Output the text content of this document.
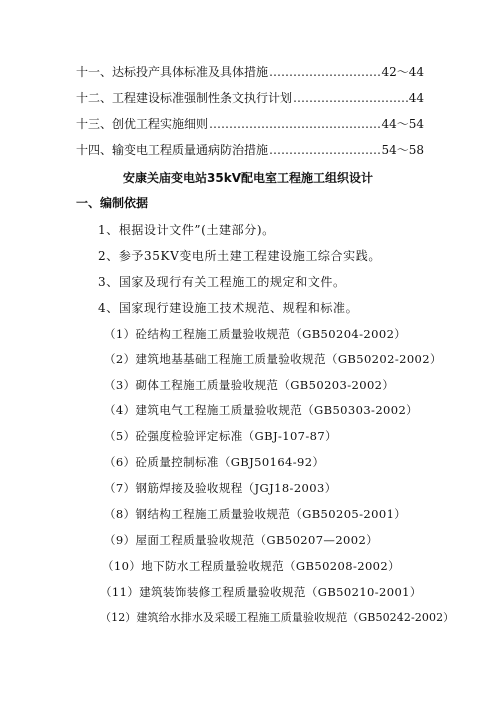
十一、达标投产具体标准及具体措施 ……………………………………………………………………………………………………	42～44
十二、工程建设标准强制性条文执行计划 ……………………………………………………………………………………………………	44
十三、创优工程实施细则 ……………………………………………………………………………………………………	44～54
十四、输变电工程质量通病防治措施 ……………………………………………………………………………………………………	54～58
安康关庙变电站35kV配电室工程施工组织设计
一、编制依据
1、根据设计文件”(土建部分)。
2、参予35KV变电所土建工程建设施工综合实践。
3、国家及现行有关工程施工的规定和文件。
4、国家现行建设施工技术规范、规程和标准。
（1）砼结构工程施工质量验收规范（GB50204-2002）
（2）建筑地基基础工程施工质量验收规范（GB50202-2002）
（3）砌体工程施工质量验收规范（GB50203-2002）
（4）建筑电气工程施工质量验收规范（GB50303-2002）
（5）砼强度检验评定标准（GBJ-107-87）
（6）砼质量控制标准（GBJ50164-92）
（7）钢筋焊接及验收规程（JGJ18-2003）
（8）钢结构工程施工质量验收规范（GB50205-2001）
（9）屋面工程质量验收规范（GB50207—2002）
（10）地下防水工程质量验收规范（GB50208-2002）
（11）建筑装饰装修工程质量验收规范（GB50210-2001）
（12）建筑给水排水及采暖工程施工质量验收规范（GB50242-2002）
